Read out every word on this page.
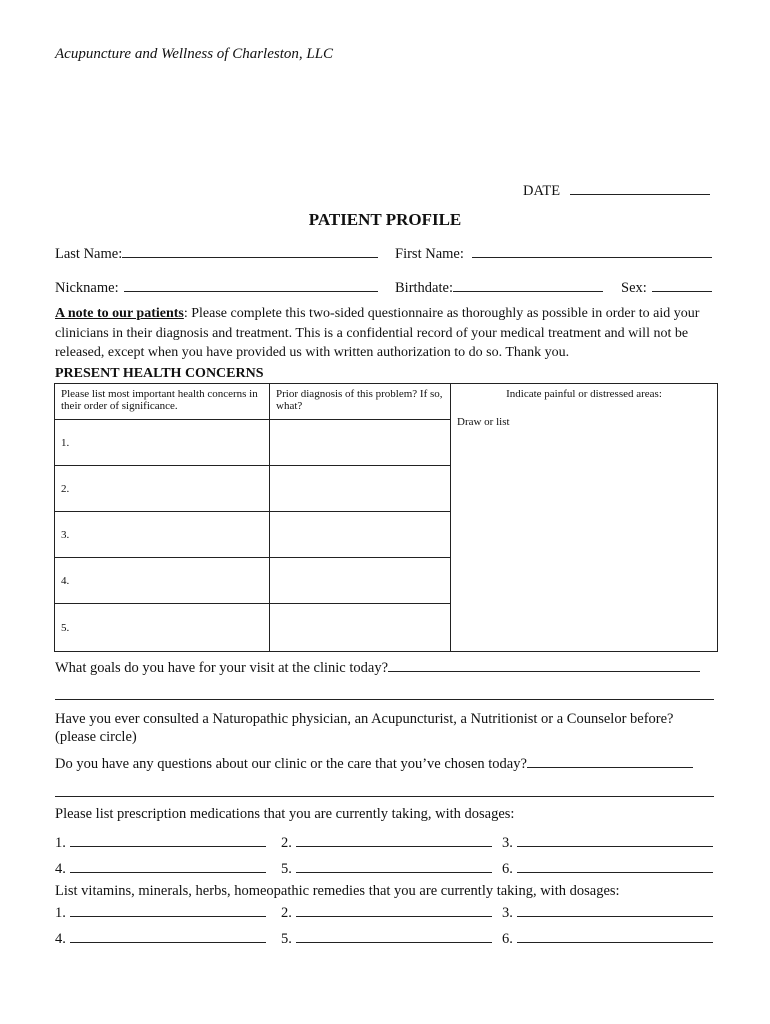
Acupuncture and Wellness of Charleston, LLC
DATE
PATIENT PROFILE
Last Name:	First Name:
Nickname:	Birthdate:	Sex:
A note to our patients: Please complete this two-sided questionnaire as thoroughly as possible in order to aid your clinicians in their diagnosis and treatment. This is a confidential record of your medical treatment and will not be released, except when you have provided us with written authorization to do so. Thank you.
PRESENT HEALTH CONCERNS
Please list most important health concerns in their order of significance.	Prior diagnosis of this problem? If so, what?	Indicate painful or distressed areas:
Draw or list

1.		
2.		
3.		
4.		
5.		
What goals do you have for your visit at the clinic today?
Have you ever consulted a Naturopathic physician, an Acupuncturist, a Nutritionist or a Counselor before?
(please circle)
Do you have any questions about our clinic or the care that you’ve chosen today?
Please list prescription medications that you are currently taking, with dosages:
1.	2.	3.
4.	5.	6.
List vitamins, minerals, herbs, homeopathic remedies that you are currently taking, with dosages:
1.	2.	3.
4.	5.	6.
